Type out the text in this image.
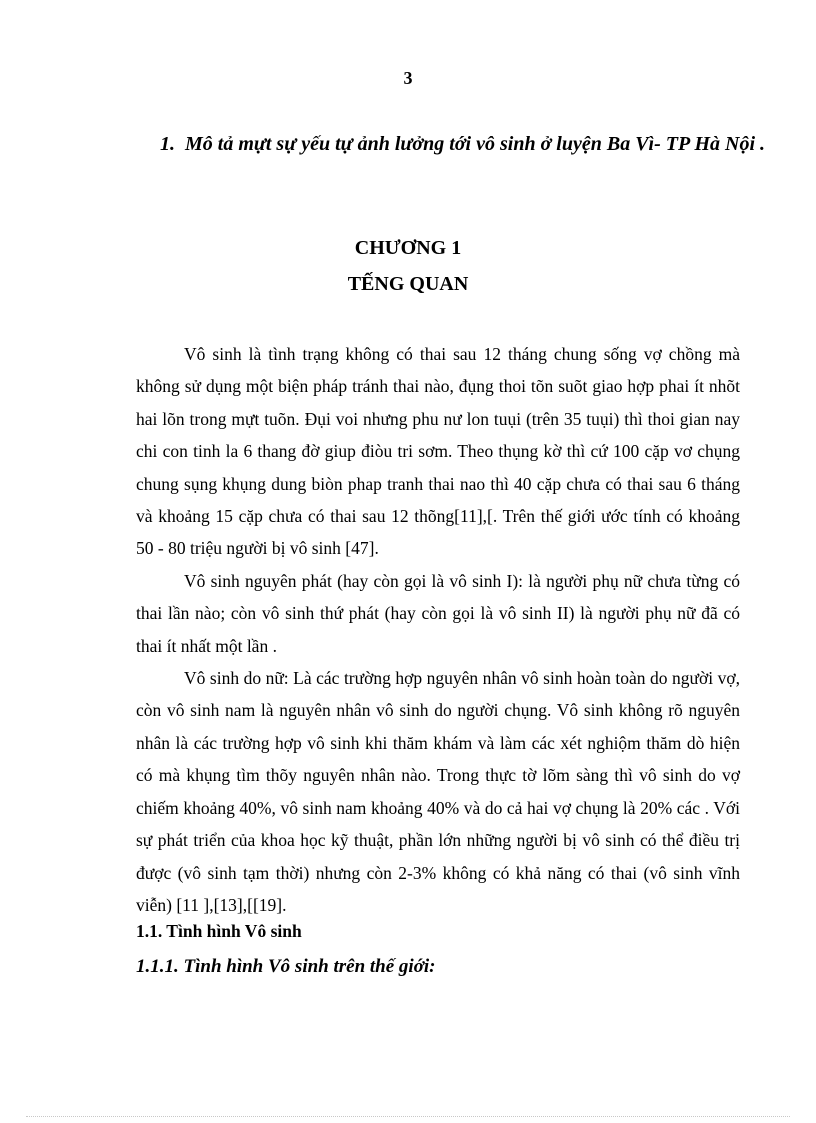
3
1. Mô tả mựt sự yếu tự ảnh lưởng tới vô sinh ở luyện Ba Vì- TP Hà Nội .
CHƯƠNG 1
TẾNG QUAN

Vô sinh là tình trạng không có thai sau 12 tháng chung sống vợ chồng mà không sử dụng một biện pháp tránh thai nào, đụng thoi tõn suõt giao hợp phai ít nhõt hai lõn trong mựt tuõn. Đụi voi nhưng phu nư lon tuụi (trên 35 tuụi) thì thoi gian nay chi con tinh la 6 thang đờ giup điòu tri sơm. Theo thụng kờ thì cứ 100 cặp vơ chụng chung sụng khụng dung biòn phap tranh thai nao thì 40 cặp chưa có thai sau 6 tháng và khoảng 15 cặp chưa có thai sau 12 thõng[11],[. Trên thế giới ước tính có khoảng 50 - 80 triệu người bị vô sinh [47].

Vô sinh nguyên phát (hay còn gọi là vô sinh I): là người phụ nữ chưa từng có thai lần nào; còn vô sinh thứ phát (hay còn gọi là vô sinh II) là người phụ nữ đã có thai ít nhất một lần .

Vô sinh do nữ: Là các trường hợp nguyên nhân vô sinh hoàn toàn do người vợ, còn vô sinh nam là nguyên nhân vô sinh do người chụng. Vô sinh không rõ nguyên nhân là các trường hợp vô sinh khi thăm khám và làm các xét nghiộm thăm dò hiện có mà khụng tìm thõy nguyên nhân nào. Trong thực tờ lõm sàng thì vô sinh do vợ chiếm khoảng 40%, vô sinh nam khoảng 40% và do cả hai vợ chụng là 20% các . Với sự phát triển của khoa học kỹ thuật, phần lớn những người bị vô sinh có thể điều trị được (vô sinh tạm thời) nhưng còn 2-3% không có khả năng có thai (vô sinh vĩnh viễn) [11 ],[13],[[19].

1.1. Tình hình Vô sinh
1.1.1. Tình hình Vô sinh trên thế giới:
